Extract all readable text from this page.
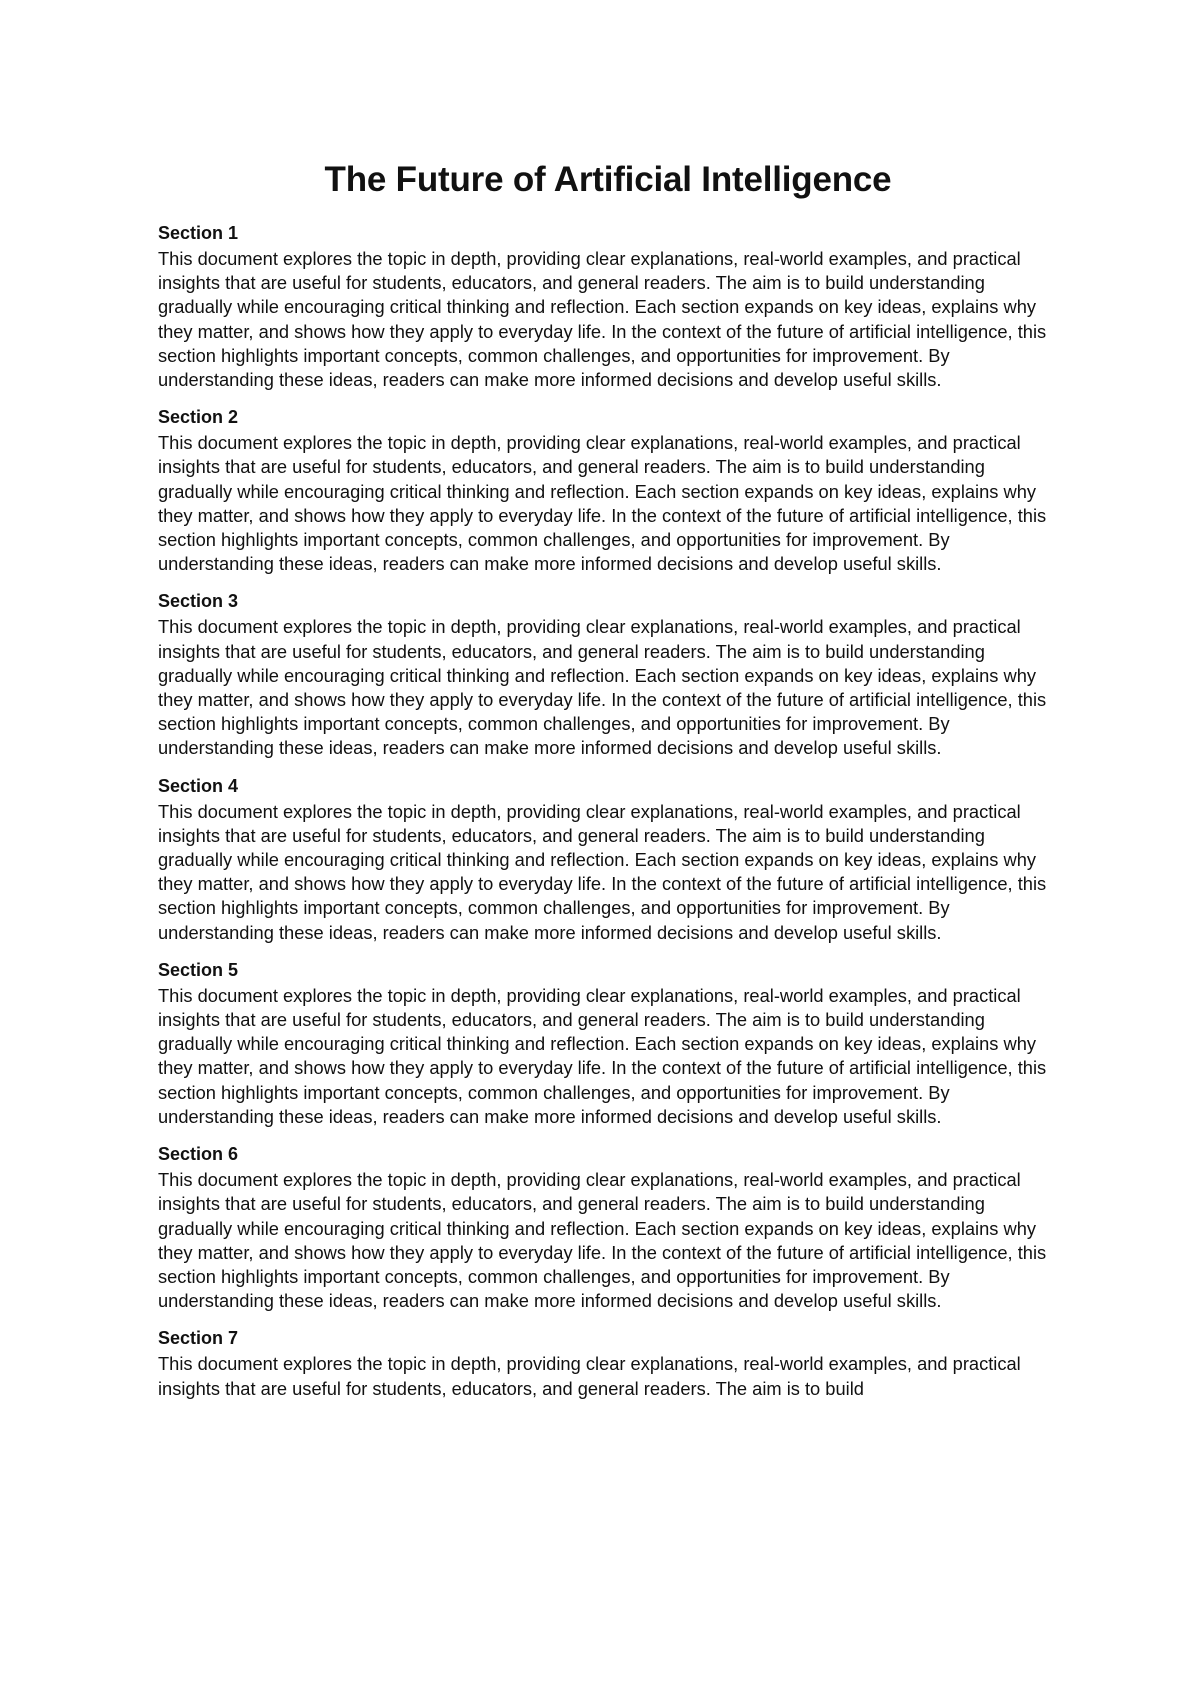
The Future of Artificial Intelligence
Section 1

This document explores the topic in depth, providing clear explanations, real-world examples, and practical insights that are useful for students, educators, and general readers. The aim is to build understanding gradually while encouraging critical thinking and reflection. Each section expands on key ideas, explains why they matter, and shows how they apply to everyday life. In the context of the future of artificial intelligence, this section highlights important concepts, common challenges, and opportunities for improvement. By understanding these ideas, readers can make more informed decisions and develop useful skills.

Section 2

This document explores the topic in depth, providing clear explanations, real-world examples, and practical insights that are useful for students, educators, and general readers. The aim is to build understanding gradually while encouraging critical thinking and reflection. Each section expands on key ideas, explains why they matter, and shows how they apply to everyday life. In the context of the future of artificial intelligence, this section highlights important concepts, common challenges, and opportunities for improvement. By understanding these ideas, readers can make more informed decisions and develop useful skills.

Section 3

This document explores the topic in depth, providing clear explanations, real-world examples, and practical insights that are useful for students, educators, and general readers. The aim is to build understanding gradually while encouraging critical thinking and reflection. Each section expands on key ideas, explains why they matter, and shows how they apply to everyday life. In the context of the future of artificial intelligence, this section highlights important concepts, common challenges, and opportunities for improvement. By understanding these ideas, readers can make more informed decisions and develop useful skills.

Section 4

This document explores the topic in depth, providing clear explanations, real-world examples, and practical insights that are useful for students, educators, and general readers. The aim is to build understanding gradually while encouraging critical thinking and reflection. Each section expands on key ideas, explains why they matter, and shows how they apply to everyday life. In the context of the future of artificial intelligence, this section highlights important concepts, common challenges, and opportunities for improvement. By understanding these ideas, readers can make more informed decisions and develop useful skills.

Section 5

This document explores the topic in depth, providing clear explanations, real-world examples, and practical insights that are useful for students, educators, and general readers. The aim is to build understanding gradually while encouraging critical thinking and reflection. Each section expands on key ideas, explains why they matter, and shows how they apply to everyday life. In the context of the future of artificial intelligence, this section highlights important concepts, common challenges, and opportunities for improvement. By understanding these ideas, readers can make more informed decisions and develop useful skills.

Section 6

This document explores the topic in depth, providing clear explanations, real-world examples, and practical insights that are useful for students, educators, and general readers. The aim is to build understanding gradually while encouraging critical thinking and reflection. Each section expands on key ideas, explains why they matter, and shows how they apply to everyday life. In the context of the future of artificial intelligence, this section highlights important concepts, common challenges, and opportunities for improvement. By understanding these ideas, readers can make more informed decisions and develop useful skills.

Section 7

This document explores the topic in depth, providing clear explanations, real-world examples, and practical insights that are useful for students, educators, and general readers. The aim is to build
